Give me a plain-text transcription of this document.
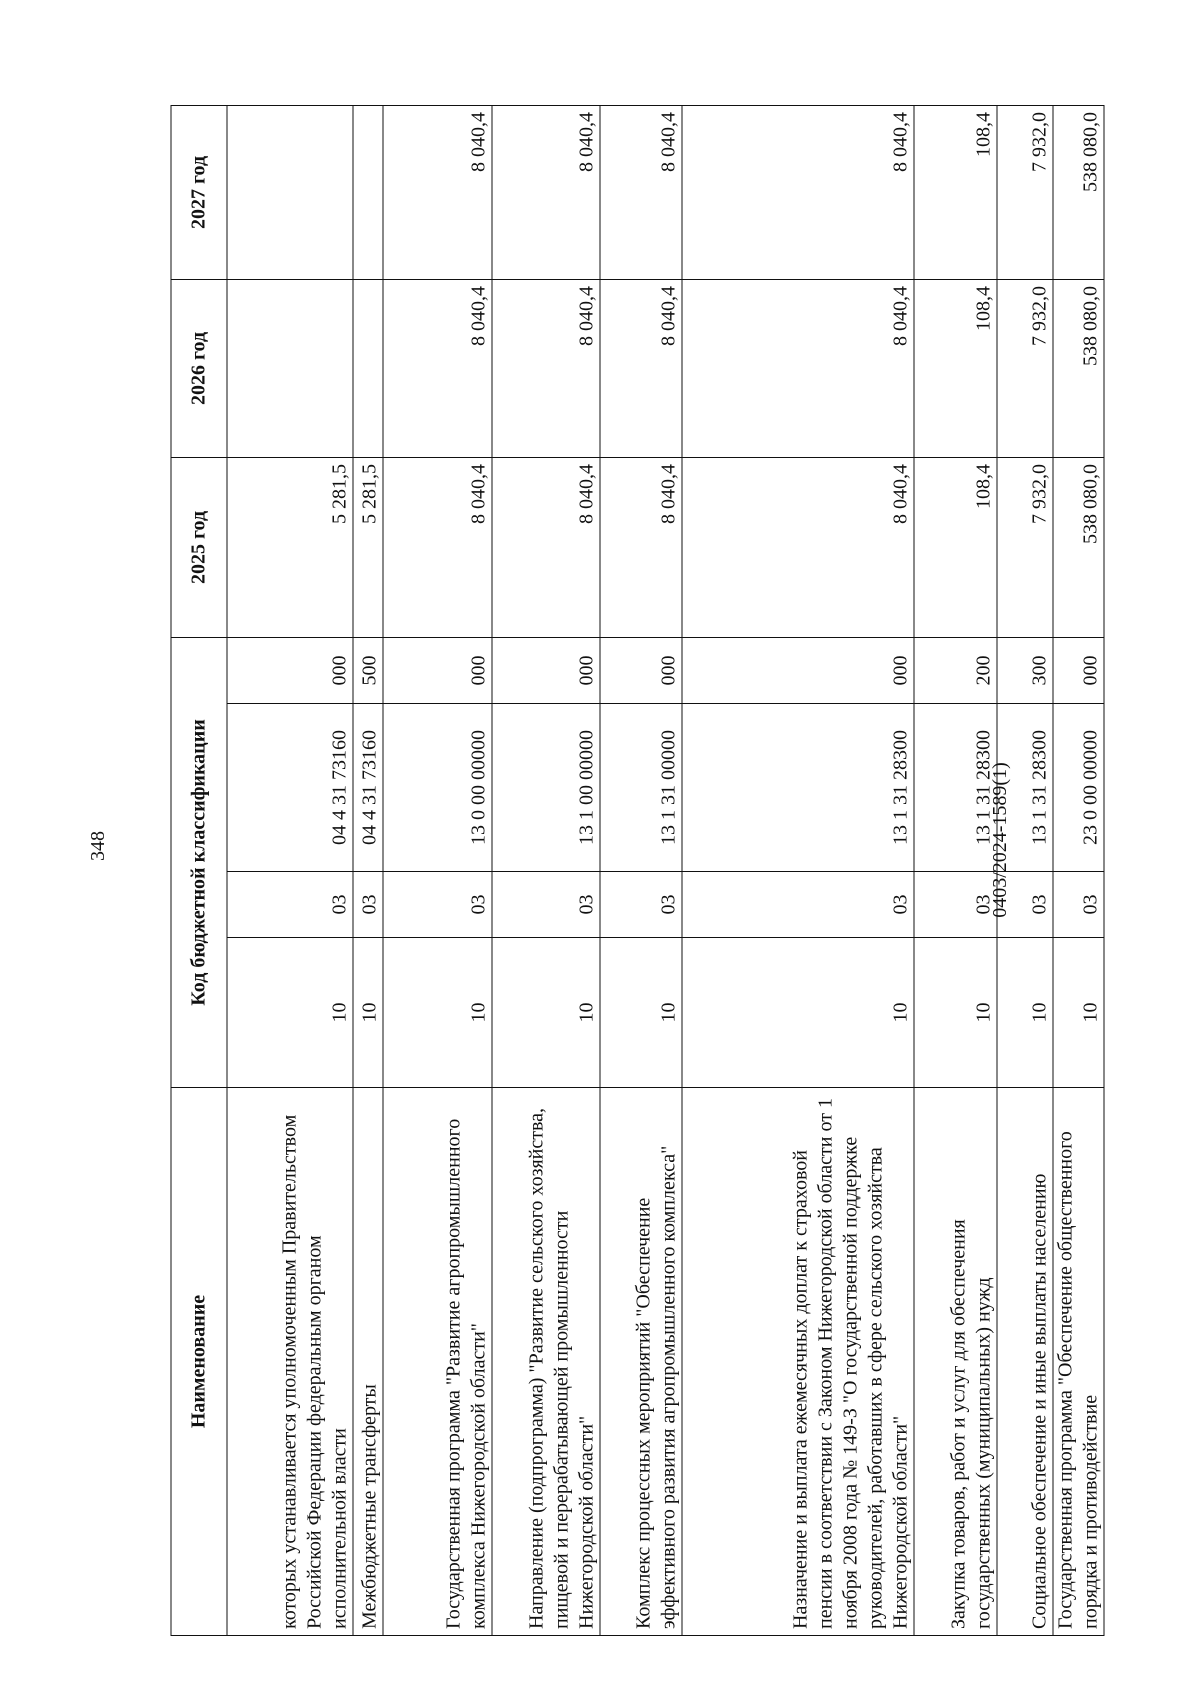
348
Наименование	Код бюджетной классификации				2025 год	2026 год	2027 год
которых устанавливается уполномоченным Правительством Российской Федерации федеральным органом исполнительной власти	10	03	04 4 31 73160	000	5 281,5		
Межбюджетные трансферты	10	03	04 4 31 73160	500	5 281,5		
Государственная программа "Развитие агропромышленного комплекса Нижегородской области"	10	03	13 0 00 00000	000	8 040,4	8 040,4	8 040,4
Направление (подпрограмма) "Развитие сельского хозяйства, пищевой и перерабатывающей промышленности Нижегородской области"	10	03	13 1 00 00000	000	8 040,4	8 040,4	8 040,4
Комплекс процессных мероприятий "Обеспечение эффективного развития агропромышленного комплекса"	10	03	13 1 31 00000	000	8 040,4	8 040,4	8 040,4
Назначение и выплата ежемесячных доплат к страховой пенсии в соответствии с Законом Нижегородской области от 1 ноября 2008 года № 149-З "О государственной поддержке руководителей, работавших в сфере сельского хозяйства Нижегородской области"	10	03	13 1 31 28300	000	8 040,4	8 040,4	8 040,4
Закупка товаров, работ и услуг для обеспечения государственных (муниципальных) нужд	10	03	13 1 31 28300	200	108,4	108,4	108,4
Социальное обеспечение и иные выплаты населению	10	03	13 1 31 28300	300	7 932,0	7 932,0	7 932,0
Государственная программа "Обеспечение общественного порядка и противодействие	10	03	23 0 00 00000	000	538 080,0	538 080,0	538 080,0
0403/2024-1589(1)
